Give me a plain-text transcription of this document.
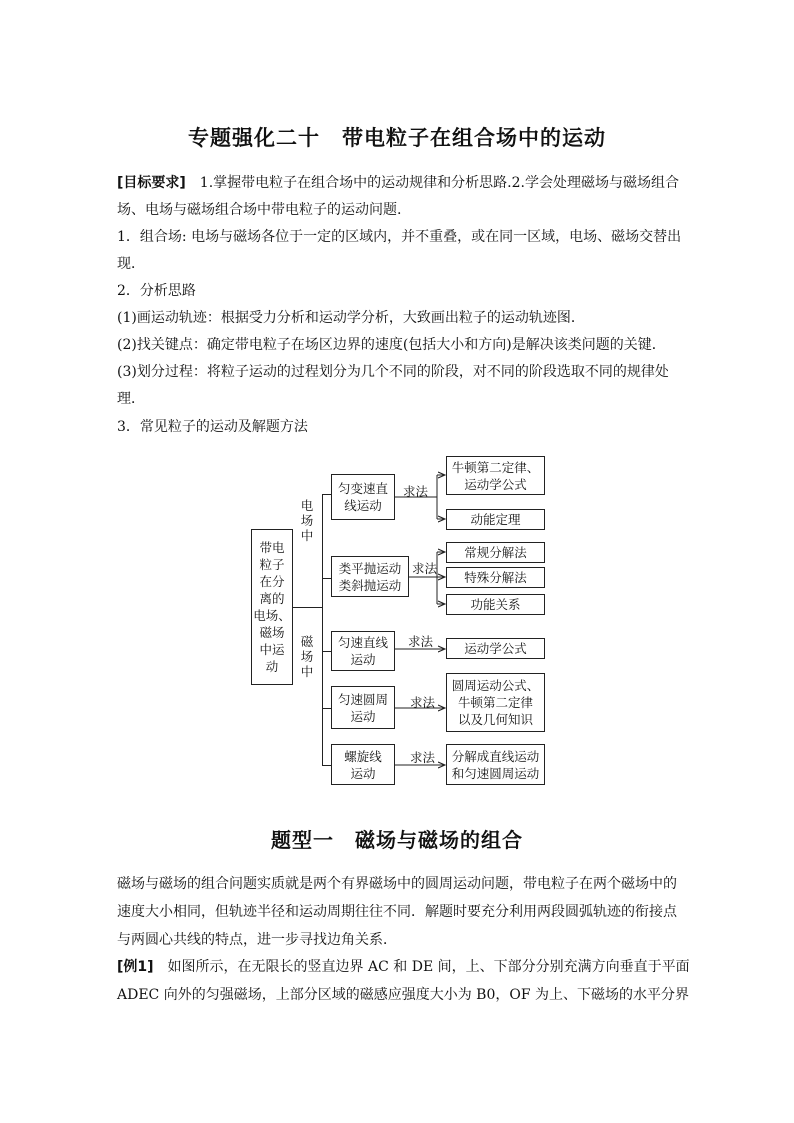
专题强化二十　带电粒子在组合场中的运动
[目标要求]　1.掌握带电粒子在组合场中的运动规律和分析思路.2.学会处理磁场与磁场组合
场、电场与磁场组合场中带电粒子的运动问题.
1．组合场: 电场与磁场各位于一定的区域内，并不重叠，或在同一区域，电场、磁场交替出
现．
2．分析思路
(1)画运动轨迹：根据受力分析和运动学分析，大致画出粒子的运动轨迹图．
(2)找关键点：确定带电粒子在场区边界的速度(包括大小和方向)是解决该类问题的关键．
(3)划分过程：将粒子运动的过程划分为几个不同的阶段，对不同的阶段选取不同的规律处
理．
3．常见粒子的运动及解题方法
带电
粒子
在分
离的
电场、
磁场
中运
动
电
场
中
磁
场
中
匀变速直
线运动
类平抛运动
类斜抛运动
匀速直线
运动
匀速圆周
运动
螺旋线
运动
求法
求法
求法
求法
求法
牛顿第二定律、
运动学公式
动能定理
常规分解法
特殊分解法
功能关系
运动学公式
圆周运动公式、
牛顿第二定律
以及几何知识
分解成直线运动
和匀速圆周运动
题型一　磁场与磁场的组合
磁场与磁场的组合问题实质就是两个有界磁场中的圆周运动问题，带电粒子在两个磁场中的
速度大小相同，但轨迹半径和运动周期往往不同．解题时要充分利用两段圆弧轨迹的衔接点
与两圆心共线的特点，进一步寻找边角关系．
[例1]　如图所示，在无限长的竖直边界 AC 和 DE 间，上、下部分分别充满方向垂直于平面
ADEC 向外的匀强磁场，上部分区域的磁感应强度大小为 B0，OF 为上、下磁场的水平分界
